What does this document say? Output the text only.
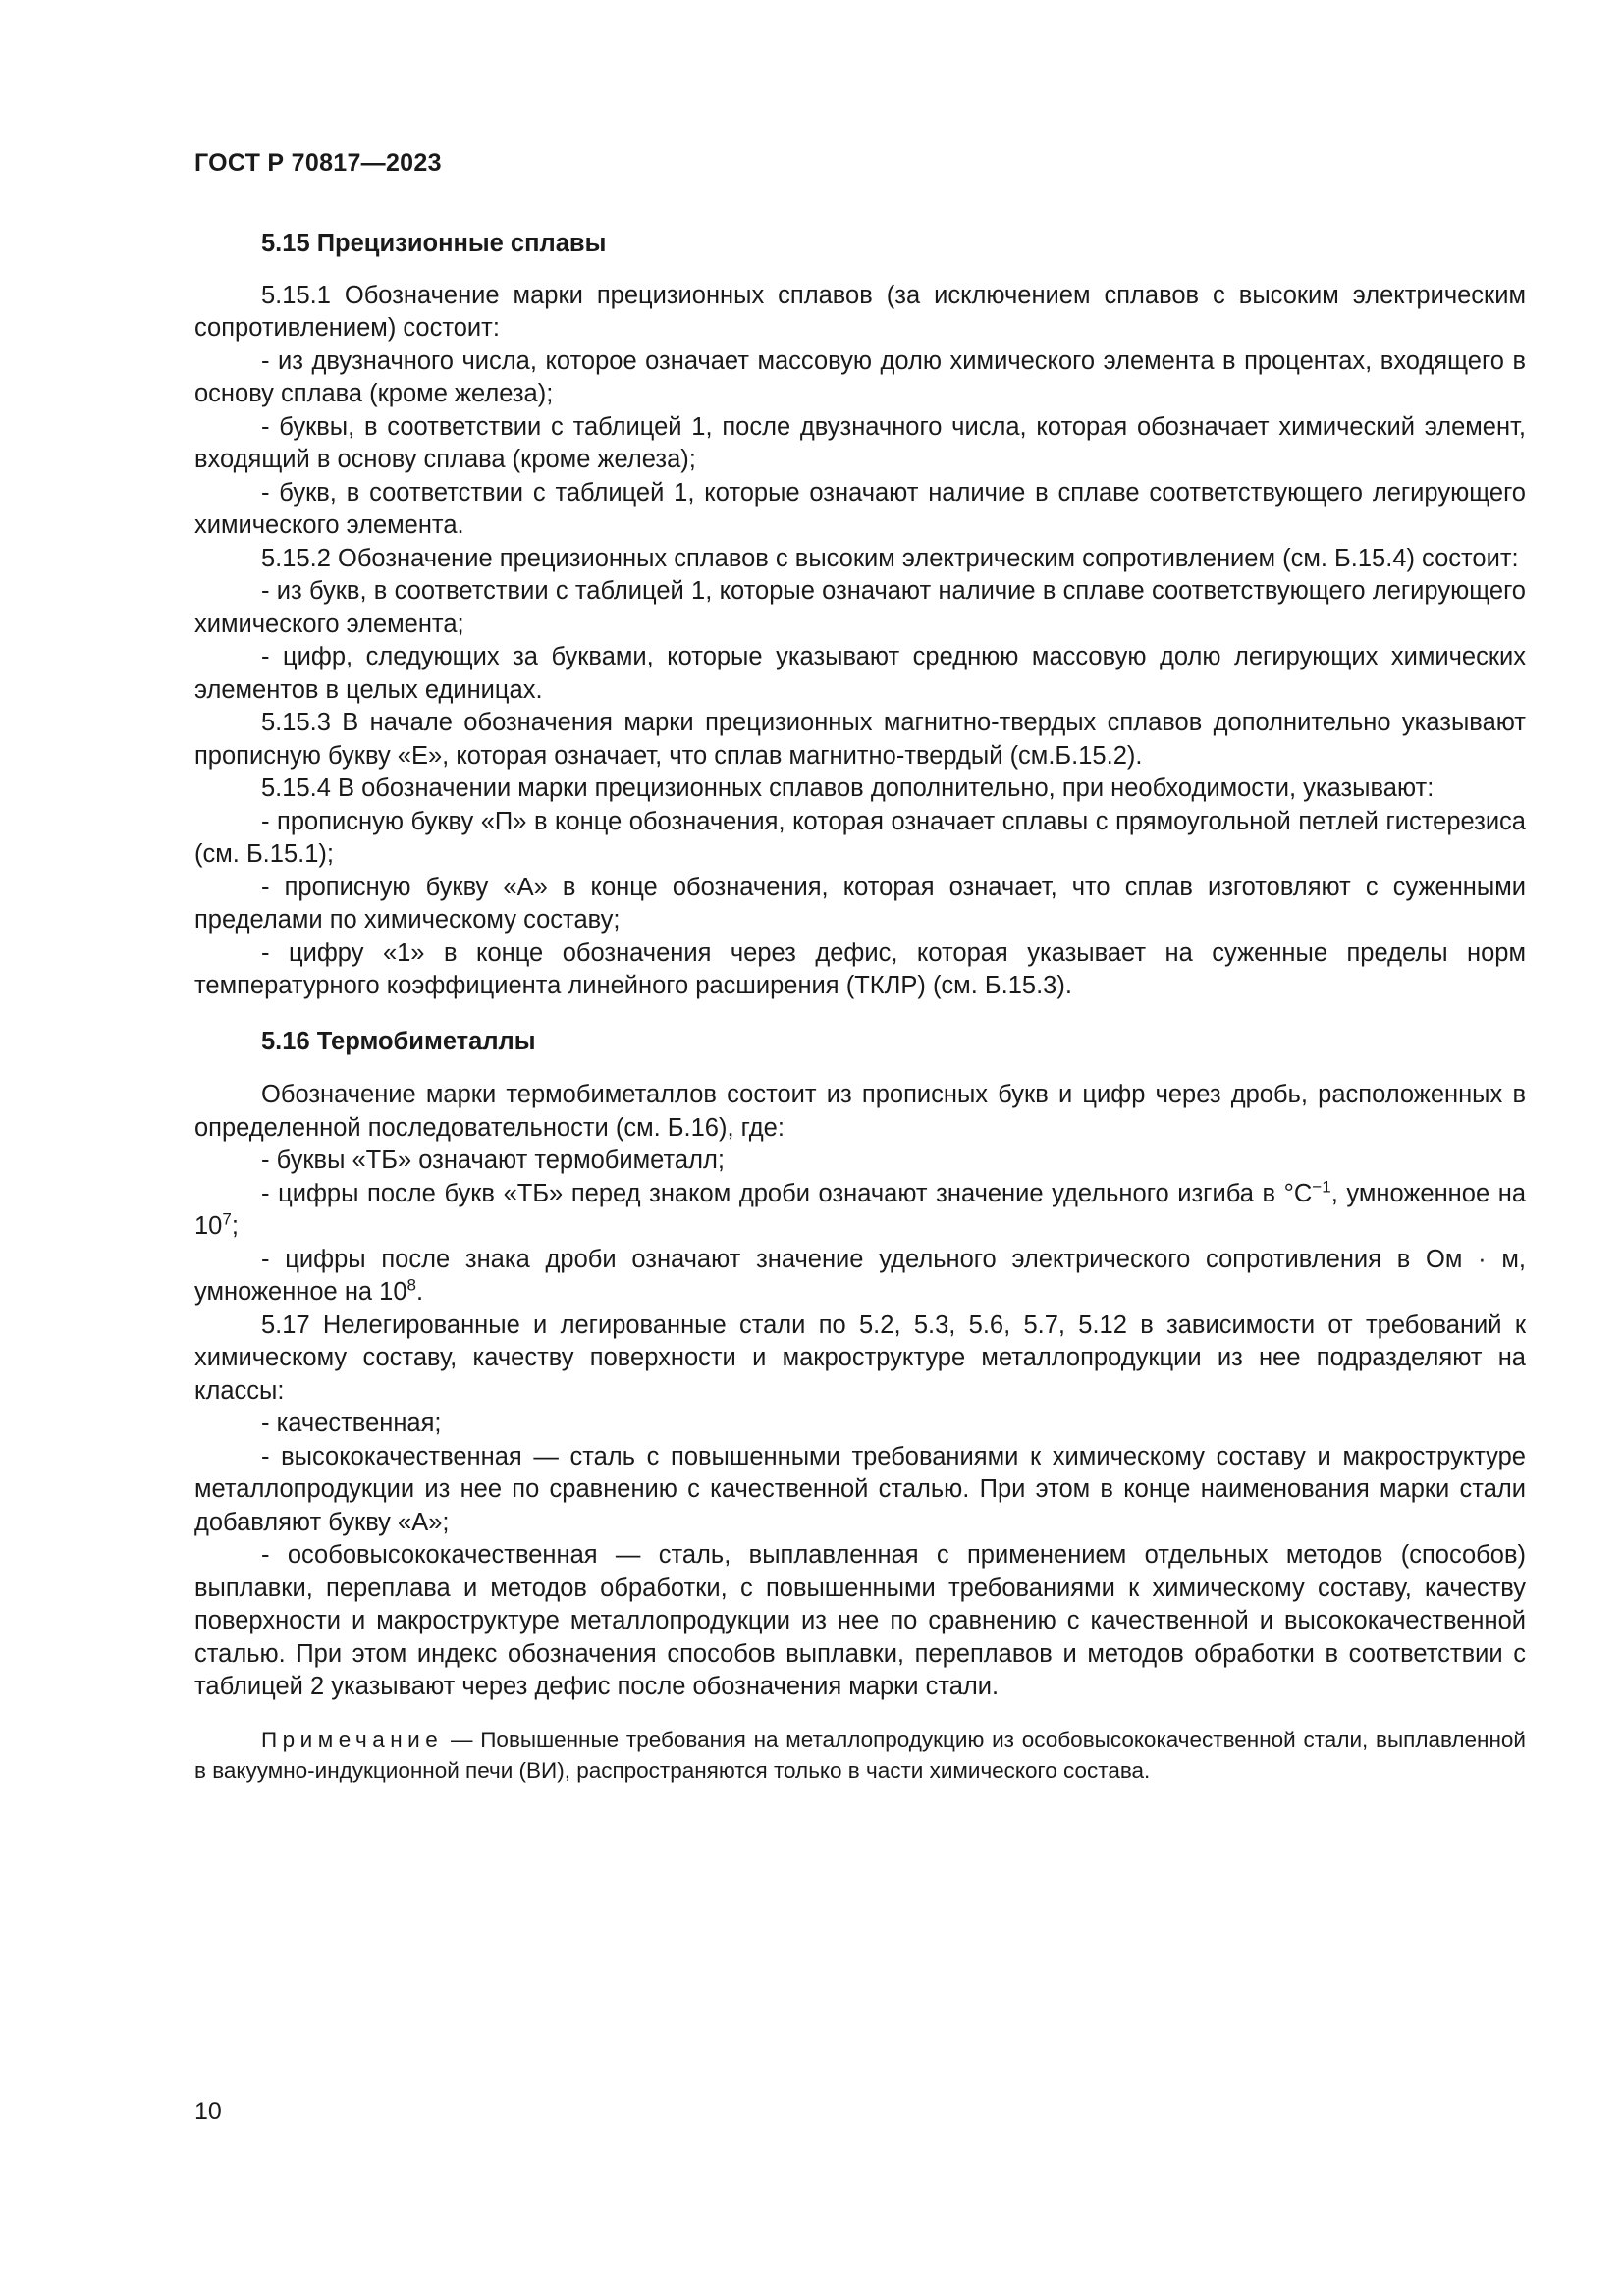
ГОСТ Р 70817—2023
5.15 Прецизионные сплавы

5.15.1 Обозначение марки прецизионных сплавов (за исключением сплавов с высоким электрическим сопротивлением) состоит:

- из двузначного числа, которое означает массовую долю химического элемента в процентах, входящего в основу сплава (кроме железа);

- буквы, в соответствии с таблицей 1, после двузначного числа, которая обозначает химический элемент, входящий в основу сплава (кроме железа);

- букв, в соответствии с таблицей 1, которые означают наличие в сплаве соответствующего легирующего химического элемента.

5.15.2 Обозначение прецизионных сплавов с высоким электрическим сопротивлением (см. Б.15.4) состоит:

- из букв, в соответствии с таблицей 1, которые означают наличие в сплаве соответствующего легирующего химического элемента;

- цифр, следующих за буквами, которые указывают среднюю массовую долю легирующих химических элементов в целых единицах.

5.15.3 В начале обозначения марки прецизионных магнитно-твердых сплавов дополнительно указывают прописную букву «Е», которая означает, что сплав магнитно-твердый (см.Б.15.2).

5.15.4 В обозначении марки прецизионных сплавов дополнительно, при необходимости, указывают:

- прописную букву «П» в конце обозначения, которая означает сплавы с прямоугольной петлей гистерезиса (см. Б.15.1);

- прописную букву «А» в конце обозначения, которая означает, что сплав изготовляют с суженными пределами по химическому составу;

- цифру «1» в конце обозначения через дефис, которая указывает на суженные пределы норм температурного коэффициента линейного расширения (ТКЛР) (см. Б.15.3).

5.16 Термобиметаллы

Обозначение марки термобиметаллов состоит из прописных букв и цифр через дробь, расположенных в определенной последовательности (см. Б.16), где:

- буквы «ТБ» означают термобиметалл;

- цифры после букв «ТБ» перед знаком дроби означают значение удельного изгиба в $^\circ С^{-1}$, умноженное на $10^7$;

- цифры после знака дроби означают значение удельного электрического сопротивления в Ом · м, умноженное на $10^8$.

5.17 Нелегированные и легированные стали по 5.2, 5.3, 5.6, 5.7, 5.12 в зависимости от требований к химическому составу, качеству поверхности и макроструктуре металлопродукции из нее подразделяют на классы:

- качественная;

- высококачественная — сталь с повышенными требованиями к химическому составу и макроструктуре металлопродукции из нее по сравнению с качественной сталью. При этом в конце наименования марки стали добавляют букву «А»;

- особовысококачественная — сталь, выплавленная с применением отдельных методов (способов) выплавки, переплава и методов обработки, с повышенными требованиями к химическому составу, качеству поверхности и макроструктуре металлопродукции из нее по сравнению с качественной и высококачественной сталью. При этом индекс обозначения способов выплавки, переплавов и методов обработки в соответствии с таблицей 2 указывают через дефис после обозначения марки стали.

Примечание — Повышенные требования на металлопродукцию из особовысококачественной стали, выплавленной в вакуумно-индукционной печи (ВИ), распространяются только в части химического состава.

10
